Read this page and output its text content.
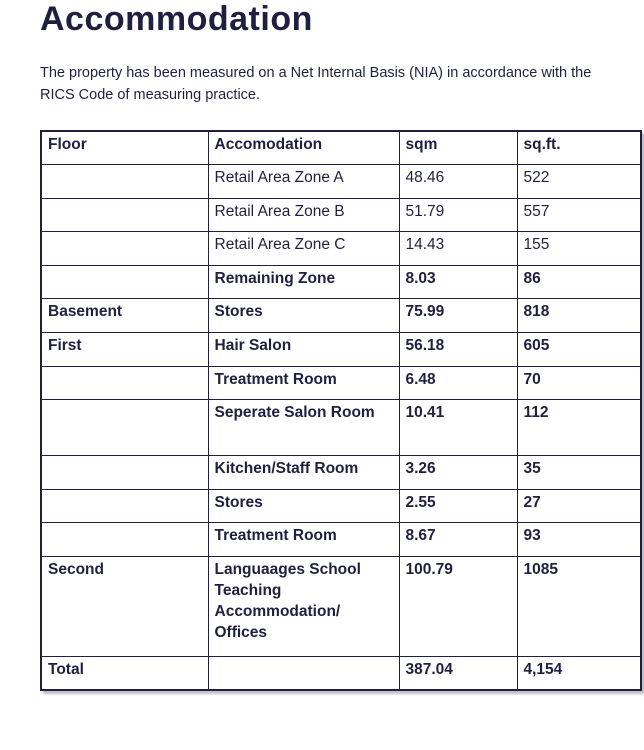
Accommodation
The property has been measured on a Net Internal Basis (NIA) in accordance with the
RICS Code of measuring practice.
Floor	Accomodation	sqm	sq.ft.
	Retail Area Zone A	48.46	522
	Retail Area Zone B	51.79	557
	Retail Area Zone C	14.43	155
	Remaining Zone	8.03	86
Basement	Stores	75.99	818
First	Hair Salon	56.18	605
	Treatment Room	6.48	70
	Seperate Salon Room	10.41	112
	Kitchen/Staff Room	3.26	35
	Stores	2.55	27
	Treatment Room	8.67	93
Second	Languaages School Teaching Accommodation/ Offices	100.79	1085
Total		387.04	4,154
